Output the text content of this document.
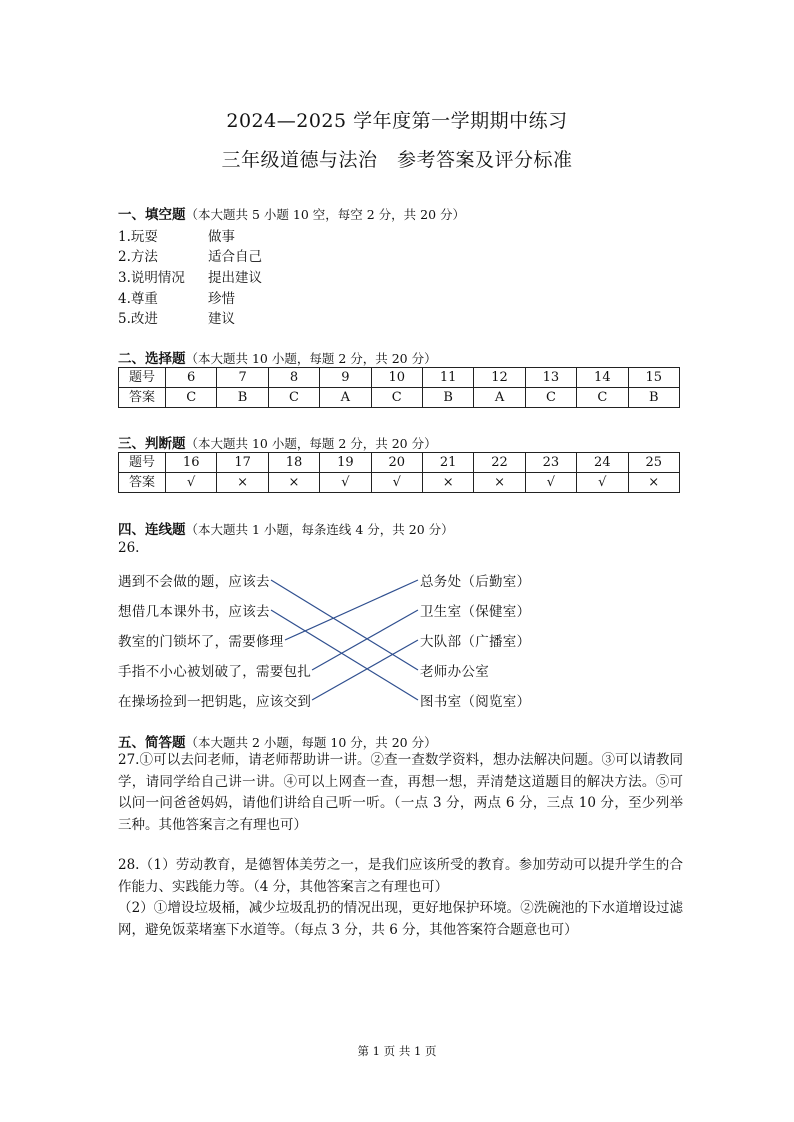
2024—2025 学年度第一学期期中练习
三年级道德与法治　参考答案及评分标准
一、填空题（本大题共 5 小题 10 空，每空 2 分，共 20 分）
1.玩耍	做事
2.方法	适合自己
3.说明情况 提出建议
4.尊重	珍惜
5.改进	建议
二、选择题（本大题共 10 小题，每题 2 分，共 20 分）
题号	6	7	8	9	10	11	12	13	14	15
答案	C	B	C	A	C	B	A	C	C	B
三、判断题（本大题共 10 小题，每题 2 分，共 20 分）
题号	16	17	18	19	20	21	22	23	24	25
答案	√	×	×	√	√	×	×	√	√	×
四、连线题（本大题共 1 小题，每条连线 4 分，共 20 分）
26.
遇到不会做的题，应该去
想借几本课外书，应该去
教室的门锁坏了，需要修理
手指不小心被划破了，需要包扎
在操场捡到一把钥匙，应该交到
总务处（后勤室）
卫生室（保健室）
大队部（广播室）
老师办公室
图书室（阅览室）
五、简答题（本大题共 2 小题，每题 10 分，共 20 分）
27.①可以去问老师，请老师帮助讲一讲。②查一查数学资料，想办法解决问题。③可以请教同学，请同学给自己讲一讲。④可以上网查一查，再想一想，弄清楚这道题目的解决方法。⑤可以问一问爸爸妈妈，请他们讲给自己听一听。（一点 3 分，两点 6 分，三点 10 分，至少列举三种。其他答案言之有理也可）
28.（1）劳动教育，是德智体美劳之一，是我们应该所受的教育。参加劳动可以提升学生的合作能力、实践能力等。（4 分，其他答案言之有理也可）
（2）①增设垃圾桶，减少垃圾乱扔的情况出现，更好地保护环境。②洗碗池的下水道增设过滤网，避免饭菜堵塞下水道等。（每点 3 分，共 6 分，其他答案符合题意也可）
第 1 页 共 1 页
